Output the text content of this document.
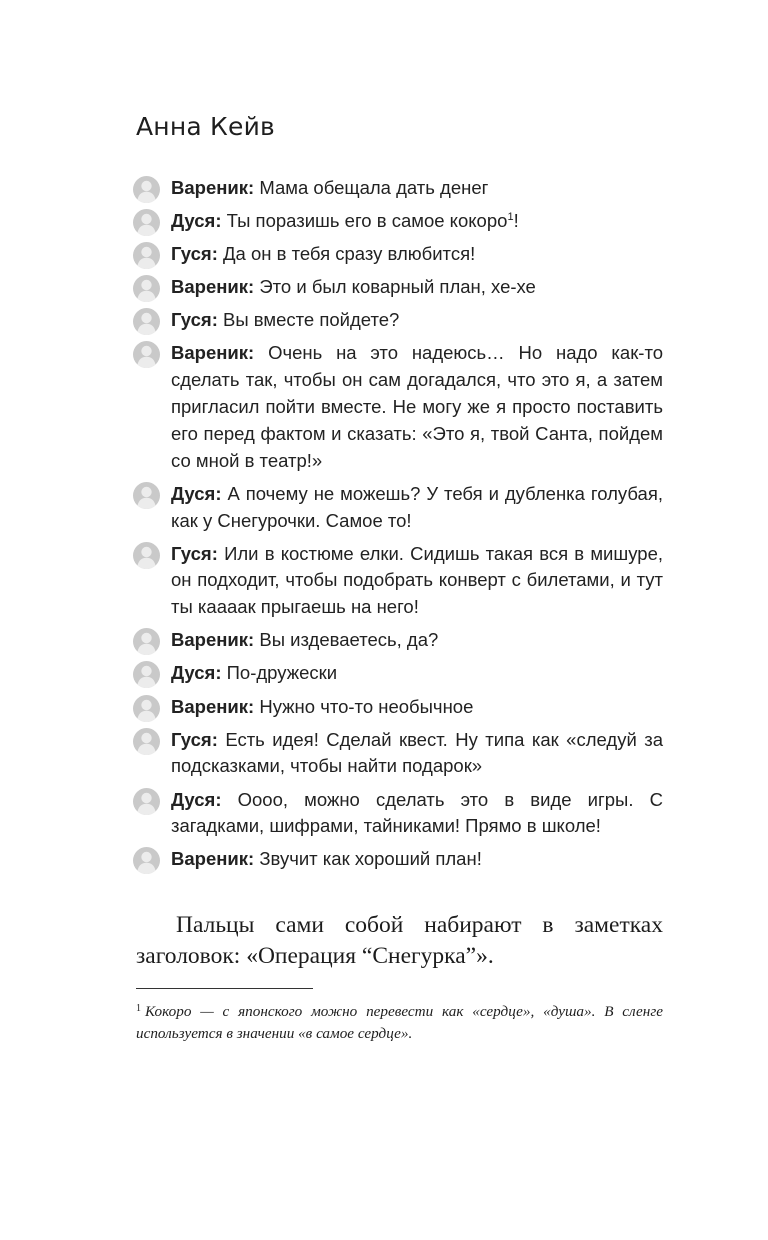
Анна Кейв
Вареник: Мама обещала дать денег
Дуся: Ты поразишь его в самое кокоро$^1$!
Гуся: Да он в тебя сразу влюбится!
Вареник: Это и был коварный план, хе-хе
Гуся: Вы вместе пойдете?
Вареник: Очень на это надеюсь… Но надо как-то сделать так, чтобы он сам догадался, что это я, а затем пригласил пойти вместе. Не могу же я просто поставить его перед фактом и сказать: «Это я, твой Санта, пойдем со мной в театр!»
Дуся: А почему не можешь? У тебя и дубленка голубая, как у Снегурочки. Самое то!
Гуся: Или в костюме елки. Сидишь такая вся в мишуре, он подходит, чтобы подобрать конверт с билетами, и тут ты каааак прыгаешь на него!
Вареник: Вы издеваетесь, да?
Дуся: По-дружески
Вареник: Нужно что-то необычное
Гуся: Есть идея! Сделай квест. Ну типа как «следуй за подсказками, чтобы найти подарок»
Дуся: Оооо, можно сделать это в виде игры. С загадками, шифрами, тайниками! Прямо в школе!
Вареник: Звучит как хороший план!
Пальцы сами собой набирают в заметках заголовок: «Операция “Снегурка”».
$^1$ Кокоро — с японского можно перевести как «сердце», «душа». В сленге используется в значении «в самое сердце».
